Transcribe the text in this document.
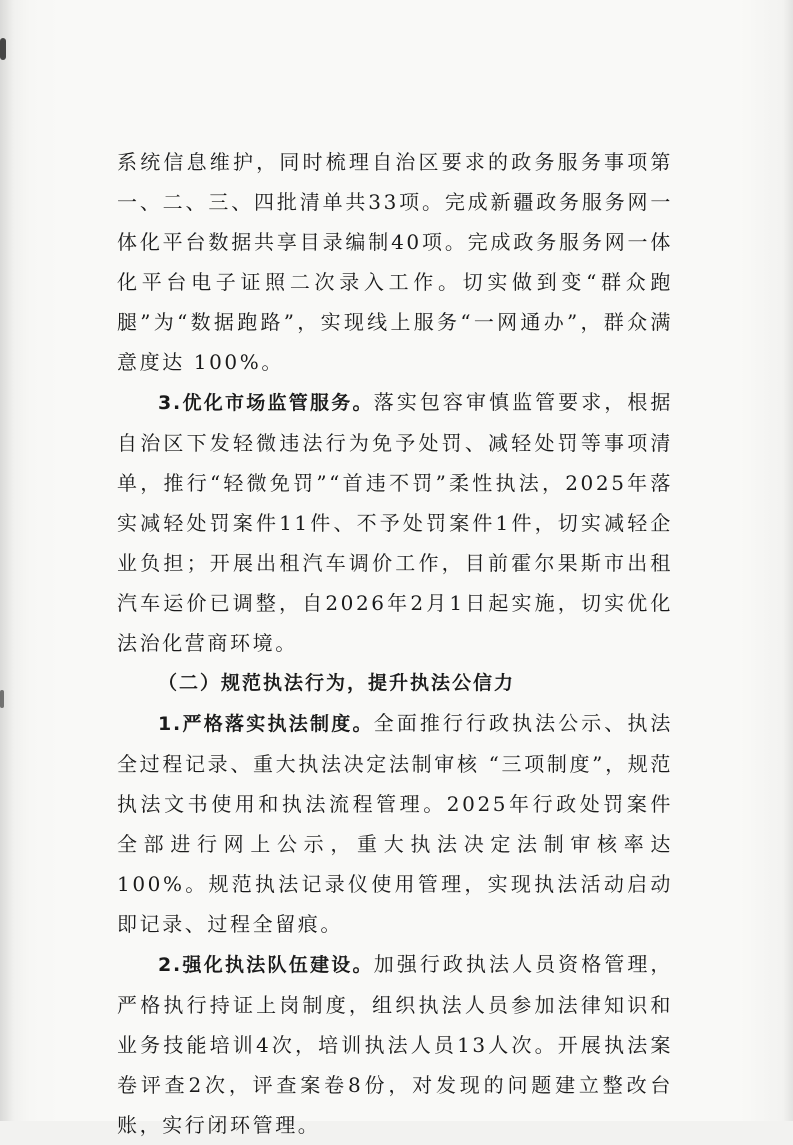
系统信息维护，同时梳理自治区要求的政务服务事项第一、二、三、四批清单共33项。完成新疆政务服务网一体化平台数据共享目录编制40项。完成政务服务网一体化平台电子证照二次录入工作。切实做到变“群众跑腿”为“数据跑路”，实现线上服务“一网通办”，群众满意度达 100%。

3.优化市场监管服务。落实包容审慎监管要求，根据自治区下发轻微违法行为免予处罚、减轻处罚等事项清单，推行“轻微免罚”“首违不罚”柔性执法，2025年落实减轻处罚案件11件、不予处罚案件1件，切实减轻企业负担；开展出租汽车调价工作，目前霍尔果斯市出租汽车运价已调整，自2026年2月1日起实施，切实优化法治化营商环境。

（二）规范执法行为，提升执法公信力

1.严格落实执法制度。全面推行行政执法公示、执法全过程记录、重大执法决定法制审核 “三项制度”，规范执法文书使用和执法流程管理。2025年行政处罚案件全部进行网上公示，重大执法决定法制审核率达100%。规范执法记录仪使用管理，实现执法活动启动即记录、过程全留痕。

2.强化执法队伍建设。加强行政执法人员资格管理，严格执行持证上岗制度，组织执法人员参加法律知识和业务技能培训4次，培训执法人员13人次。开展执法案卷评查2次，评查案卷8份，对发现的问题建立整改台账，实行闭环管理。
